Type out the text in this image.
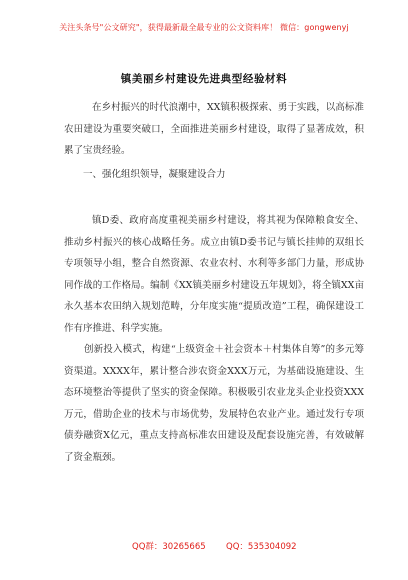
关注头条号"公文研究"，获得最新最全最专业的公文资料库！ 微信：gongwenyj
镇美丽乡村建设先进典型经验材料
在乡村振兴的时代浪潮中，XX镇积极探索、勇于实践，以高标准农田建设为重要突破口，全面推进美丽乡村建设，取得了显著成效，积累了宝贵经验。
一、强化组织领导，凝聚建设合力
镇D委、政府高度重视美丽乡村建设，将其视为保障粮食安全、推动乡村振兴的核心战略任务。成立由镇D委书记与镇长挂帅的双组长专项领导小组，整合自然资源、农业农村、水利等多部门力量，形成协同作战的工作格局。编制《XX镇美丽乡村建设五年规划》，将全镇XX亩永久基本农田纳入规划范畴，分年度实施“提质改造”工程，确保建设工作有序推进、科学实施。
创新投入模式，构建“上级资金＋社会资本＋村集体自筹”的多元筹资渠道。XXXX年，累计整合涉农资金XXX万元，为基础设施建设、生态环境整治等提供了坚实的资金保障。积极吸引农业龙头企业投资XXX万元，借助企业的技术与市场优势，发展特色农业产业。通过发行专项债券融资X亿元，重点支持高标准农田建设及配套设施完善，有效破解了资金瓶颈。
QQ群：30265665 QQ：535304092
